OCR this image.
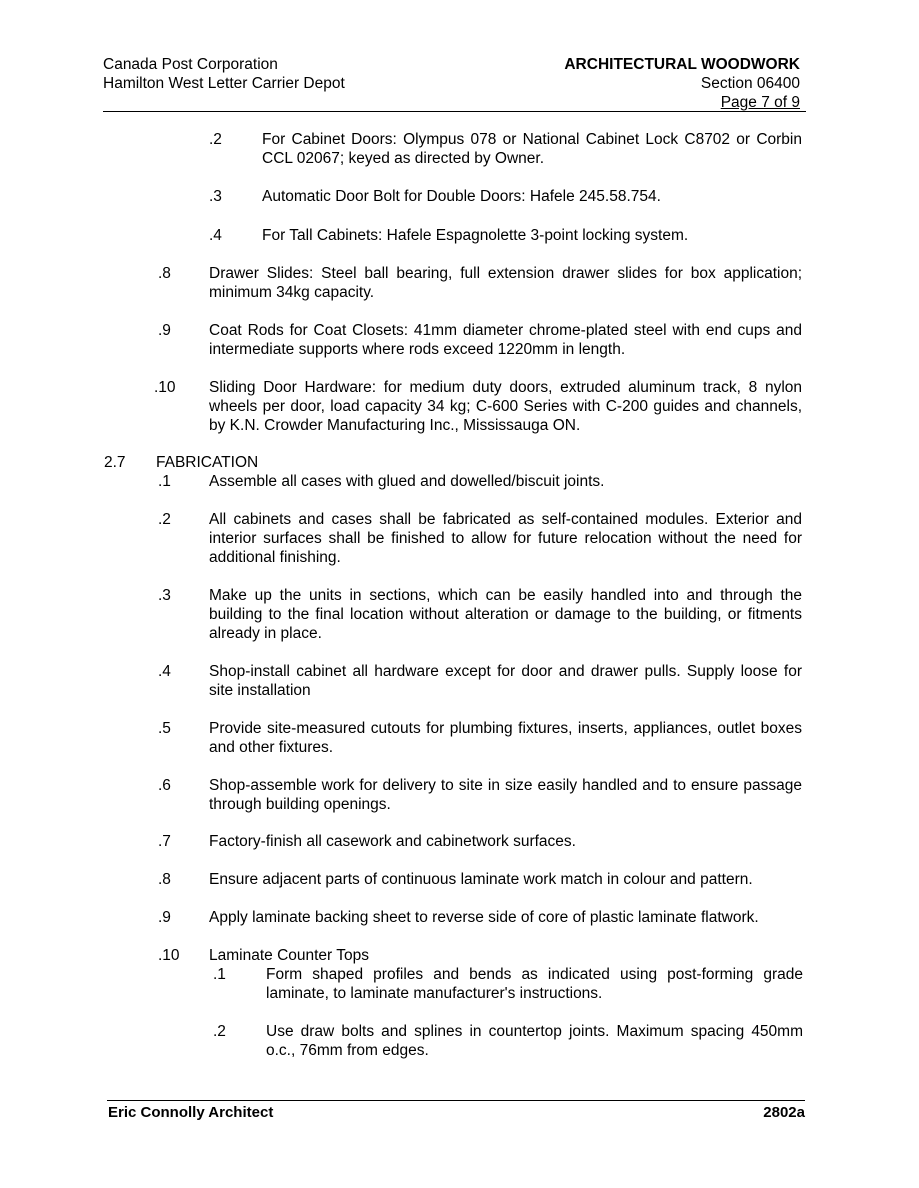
Canada Post Corporation
Hamilton West Letter Carrier Depot
ARCHITECTURAL WOODWORK
Section 06400
Page 7 of 9
.2	For Cabinet Doors: Olympus 078 or National Cabinet Lock C8702 or Corbin CCL 02067; keyed as directed by Owner.
.3	Automatic Door Bolt for Double Doors: Hafele 245.58.754.
.4	For Tall Cabinets: Hafele Espagnolette 3-point locking system.
.8 Drawer Slides: Steel ball bearing, full extension drawer slides for box application; minimum 34kg capacity.
.9 Coat Rods for Coat Closets: 41mm diameter chrome-plated steel with end cups and intermediate supports where rods exceed 1220mm in length.
.10 Sliding Door Hardware: for medium duty doors, extruded aluminum track, 8 nylon wheels per door, load capacity 34 kg; C-600 Series with C-200 guides and channels, by K.N. Crowder Manufacturing Inc., Mississauga ON.
2.7 FABRICATION
.1 Assemble all cases with glued and dowelled/biscuit joints.
.2 All cabinets and cases shall be fabricated as self-contained modules. Exterior and interior surfaces shall be finished to allow for future relocation without the need for additional finishing.
.3 Make up the units in sections, which can be easily handled into and through the building to the final location without alteration or damage to the building, or fitments already in place.
.4 Shop-install cabinet all hardware except for door and drawer pulls. Supply loose for site installation
.5 Provide site-measured cutouts for plumbing fixtures, inserts, appliances, outlet boxes and other fixtures.
.6 Shop-assemble work for delivery to site in size easily handled and to ensure passage through building openings.
.7 Factory-finish all casework and cabinetwork surfaces.
.8 Ensure adjacent parts of continuous laminate work match in colour and pattern.
.9 Apply laminate backing sheet to reverse side of core of plastic laminate flatwork.
.10 Laminate Counter Tops
.1	Form shaped profiles and bends as indicated using post-forming grade laminate, to laminate manufacturer's instructions.
.2	Use draw bolts and splines in countertop joints. Maximum spacing 450mm o.c., 76mm from edges.
Eric Connolly Architect	2802a
